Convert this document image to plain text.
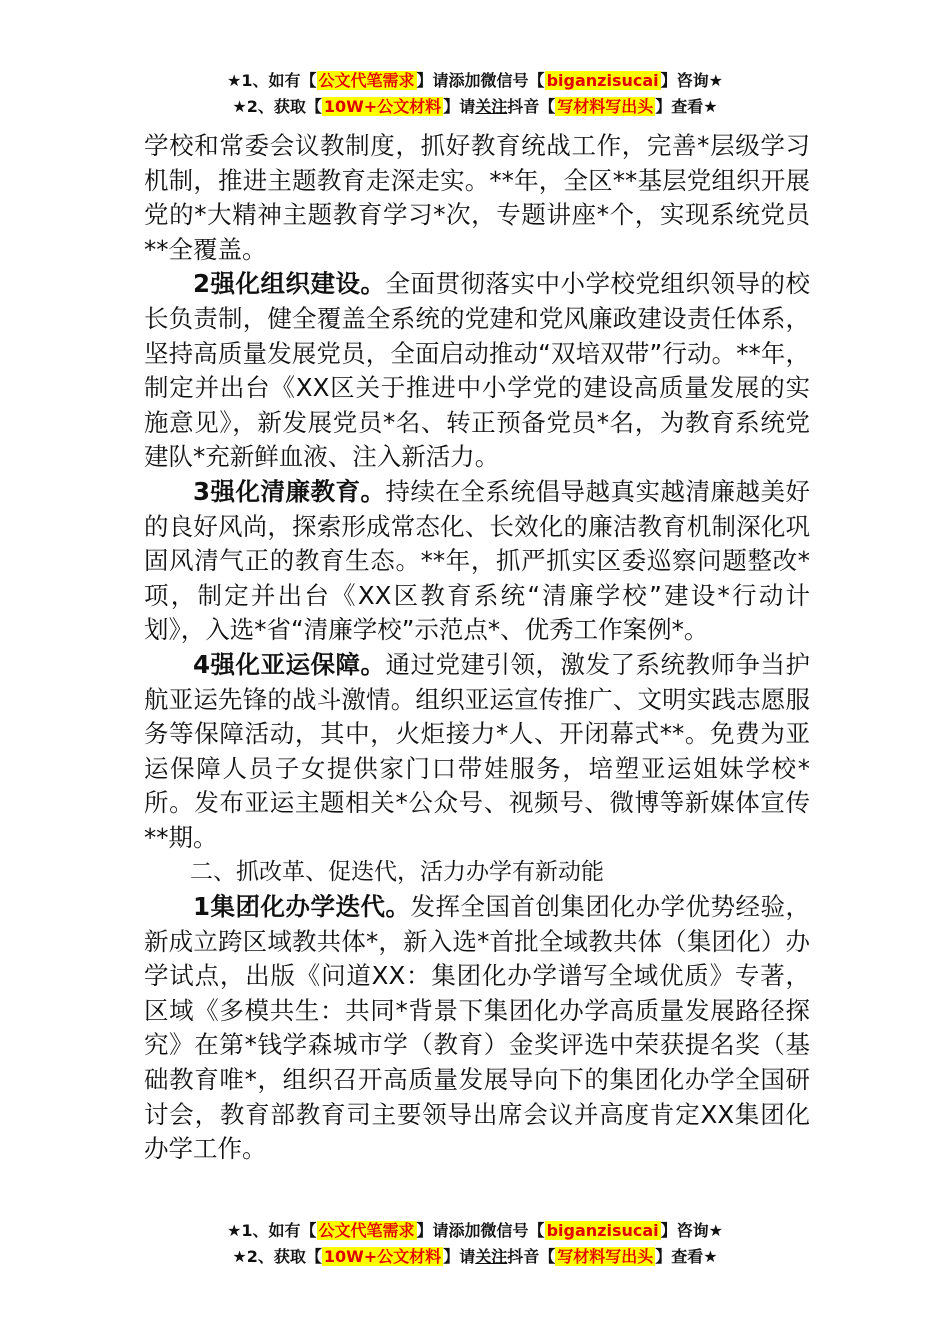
★1、如有【 公文代笔需求 】请添加微信号【 biganzisucai 】咨询★
★2、获取【 10W+公文材料 】请关注抖音【 写材料写出头 】查看★

学校和常委会议教制度，抓好教育统战工作，完善*层级学习机制，推进主题教育走深走实。**年，全区**基层党组织开展党的*大精神主题教育学习*次，专题讲座*个，实现系统党员**全覆盖。

2强化组织建设。全面贯彻落实中小学校党组织领导的校长负责制，健全覆盖全系统的党建和党风廉政建设责任体系，坚持高质量发展党员，全面启动推动“双培双带”行动。**年，制定并出台《XX区关于推进中小学党的建设高质量发展的实施意见》，新发展党员*名、转正预备党员*名，为教育系统党建队*充新鲜血液、注入新活力。

3强化清廉教育。持续在全系统倡导越真实越清廉越美好的良好风尚，探索形成常态化、长效化的廉洁教育机制深化巩固风清气正的教育生态。**年，抓严抓实区委巡察问题整改*项，制定并出台《XX区教育系统“清廉学校”建设*行动计划》，入选*省“清廉学校”示范点*、优秀工作案例*。

4强化亚运保障。通过党建引领，激发了系统教师争当护航亚运先锋的战斗激情。组织亚运宣传推广、文明实践志愿服务等保障活动，其中，火炬接力*人、开闭幕式**。免费为亚运保障人员子女提供家门口带娃服务，培塑亚运姐妹学校*所。发布亚运主题相关*公众号、视频号、微博等新媒体宣传**期。

二、抓改革、促迭代，活力办学有新动能

1集团化办学迭代。发挥全国首创集团化办学优势经验，新成立跨区域教共体*，新入选*首批全域教共体（集团化）办学试点，出版《问道XX：集团化办学谱写全域优质》专著，区域《多模共生：共同*背景下集团化办学高质量发展路径探究》在第*钱学森城市学（教育）金奖评选中荣获提名奖（基础教育唯*，组织召开高质量发展导向下的集团化办学全国研讨会，教育部教育司主要领导出席会议并高度肯定XX集团化办学工作。

★1、如有【 公文代笔需求 】请添加微信号【 biganzisucai 】咨询★
★2、获取【 10W+公文材料 】请关注抖音【 写材料写出头 】查看★
